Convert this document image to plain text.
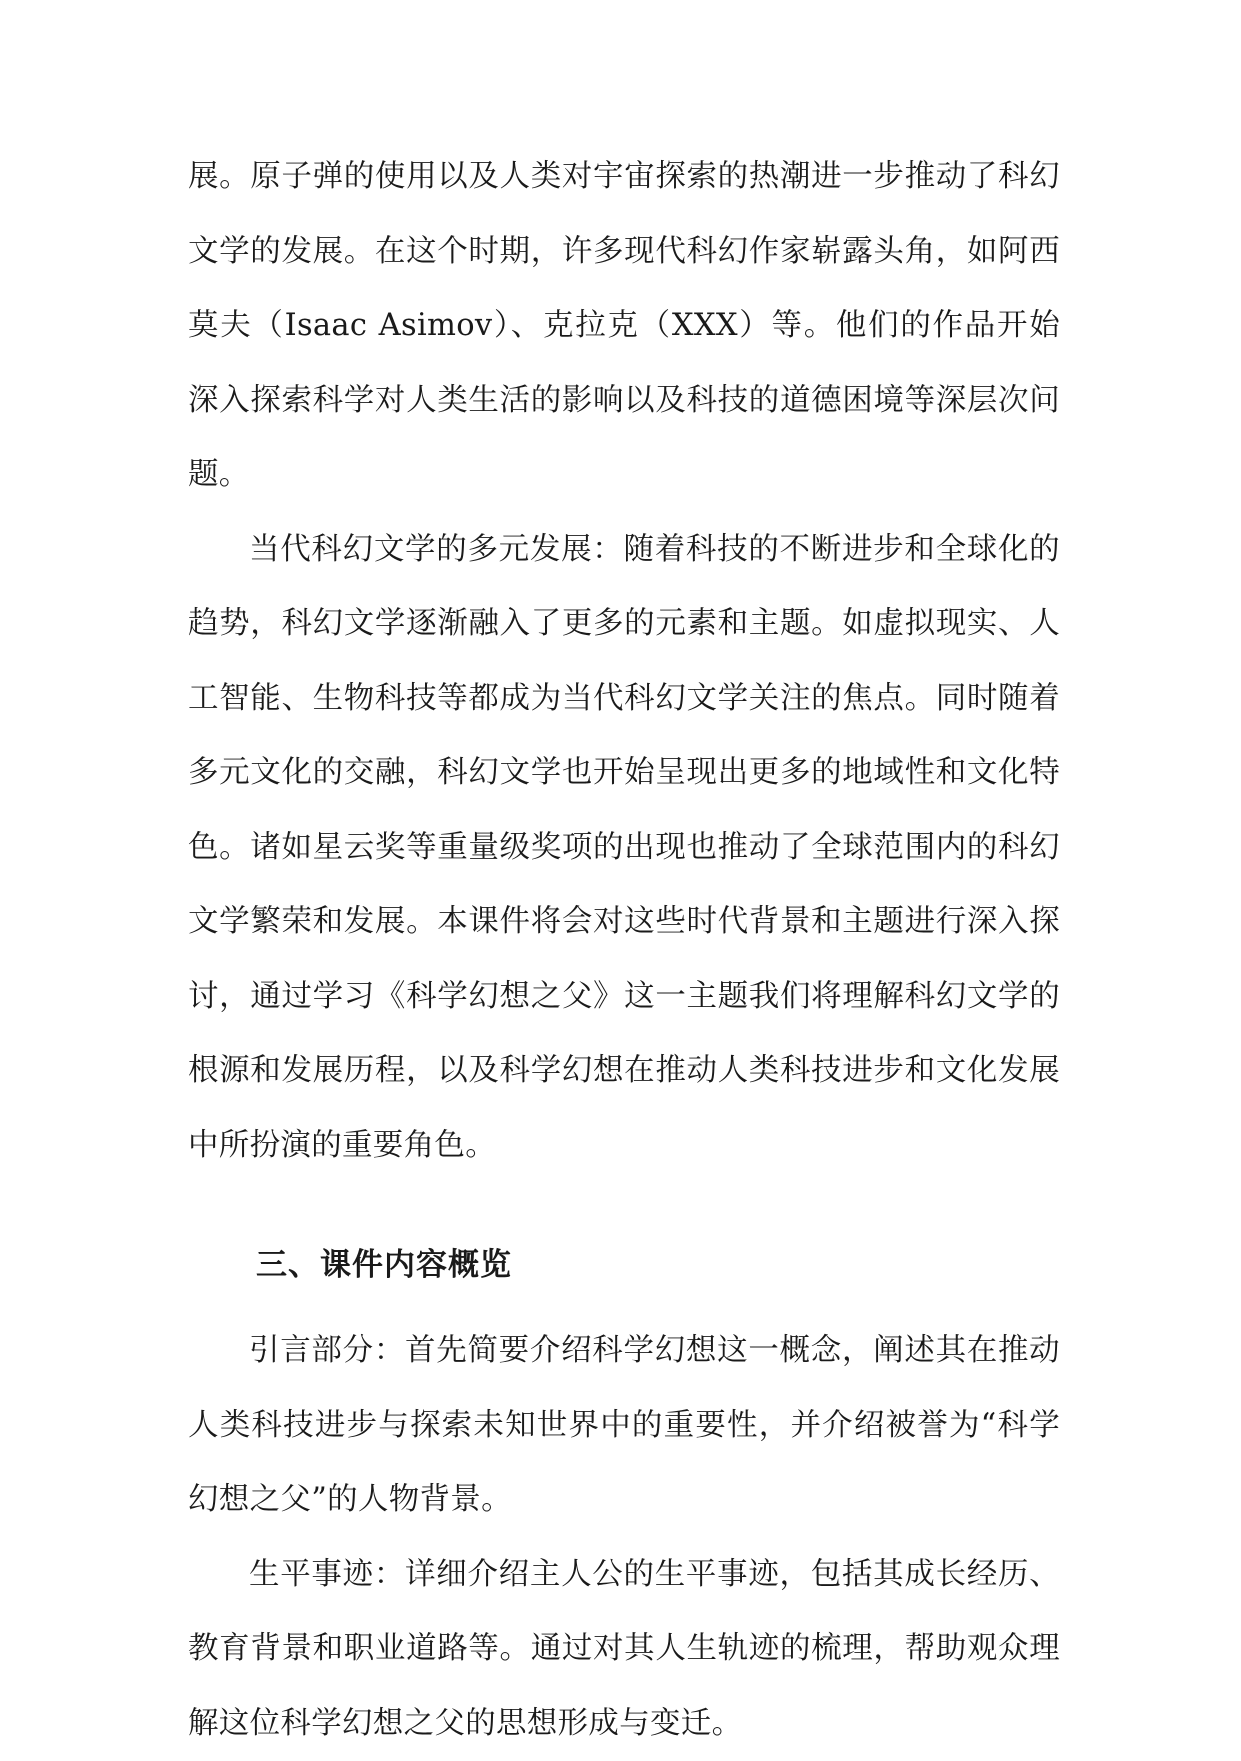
展。原子弹的使用以及人类对宇宙探索的热潮进一步推动了科幻文学的发展。在这个时期，许多现代科幻作家崭露头角，如阿西莫夫（Isaac Asimov）、克拉克（XXX）等。他们的作品开始深入探索科学对人类生活的影响以及科技的道德困境等深层次问题。

当代科幻文学的多元发展：随着科技的不断进步和全球化的趋势，科幻文学逐渐融入了更多的元素和主题。如虚拟现实、人工智能、生物科技等都成为当代科幻文学关注的焦点。同时随着多元文化的交融，科幻文学也开始呈现出更多的地域性和文化特色。诸如星云奖等重量级奖项的出现也推动了全球范围内的科幻文学繁荣和发展。本课件将会对这些时代背景和主题进行深入探讨，通过学习《科学幻想之父》这一主题我们将理解科幻文学的根源和发展历程，以及科学幻想在推动人类科技进步和文化发展中所扮演的重要角色。

三、课件内容概览

引言部分：首先简要介绍科学幻想这一概念，阐述其在推动人类科技进步与探索未知世界中的重要性，并介绍被誉为“科学幻想之父”的人物背景。

生平事迹：详细介绍主人公的生平事迹，包括其成长经历、教育背景和职业道路等。通过对其人生轨迹的梳理，帮助观众理解这位科学幻想之父的思想形成与变迁。
